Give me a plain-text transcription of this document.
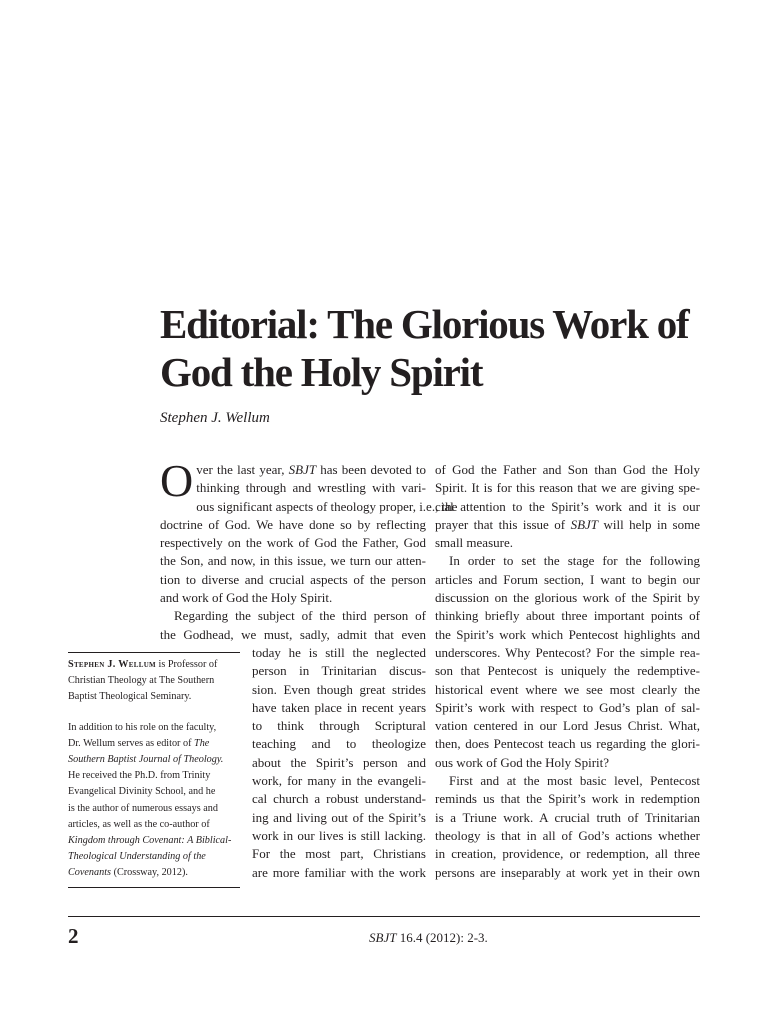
Editorial: The Glorious Work of
God the Holy Spirit
Stephen J. Wellum
O ver the last year, SBJT has been devoted to
thinking through and wrestling with vari-
ous significant aspects of theology proper, i.e., the
doctrine of God. We have done so by reflecting
respectively on the work of God the Father, God
the Son, and now, in this issue, we turn our atten-
tion to diverse and crucial aspects of the person
and work of God the Holy Spirit.
Regarding the subject of the third person of
the Godhead, we must, sadly, admit that even
today he is still the neglected
person in Trinitarian discus-
sion. Even though great strides
have taken place in recent years
to think through Scriptural
teaching and to theologize
about the Spirit’s person and
work, for many in the evangeli-
cal church a robust understand-
ing and living out of the Spirit’s
work in our lives is still lacking.
For the most part, Christians
are more familiar with the work
of God the Father and Son than God the Holy
Spirit. It is for this reason that we are giving spe-
cial attention to the Spirit’s work and it is our
prayer that this issue of SBJT will help in some
small measure.
In order to set the stage for the following
articles and Forum section, I want to begin our
discussion on the glorious work of the Spirit by
thinking briefly about three important points of
the Spirit’s work which Pentecost highlights and
underscores. Why Pentecost? For the simple rea-
son that Pentecost is uniquely the redemptive-
historical event where we see most clearly the
Spirit’s work with respect to God’s plan of sal-
vation centered in our Lord Jesus Christ. What,
then, does Pentecost teach us regarding the glori-
ous work of God the Holy Spirit?
First and at the most basic level, Pentecost
reminds us that the Spirit’s work in redemption
is a Triune work. A crucial truth of Trinitarian
theology is that in all of God’s actions whether
in creation, providence, or redemption, all three
persons are inseparably at work yet in their own

Stephen J. Wellum is Professor of
Christian Theology at The Southern
Baptist Theological Seminary.

In addition to his role on the faculty,
Dr. Wellum serves as editor of The
Southern Baptist Journal of Theology.
He received the Ph.D. from Trinity
Evangelical Divinity School, and he
is the author of numerous essays and
articles, as well as the co-author of
Kingdom through Covenant: A Biblical-
Theological Understanding of the
Covenants (Crossway, 2012).

2	SBJT 16.4 (2012): 2-3.
